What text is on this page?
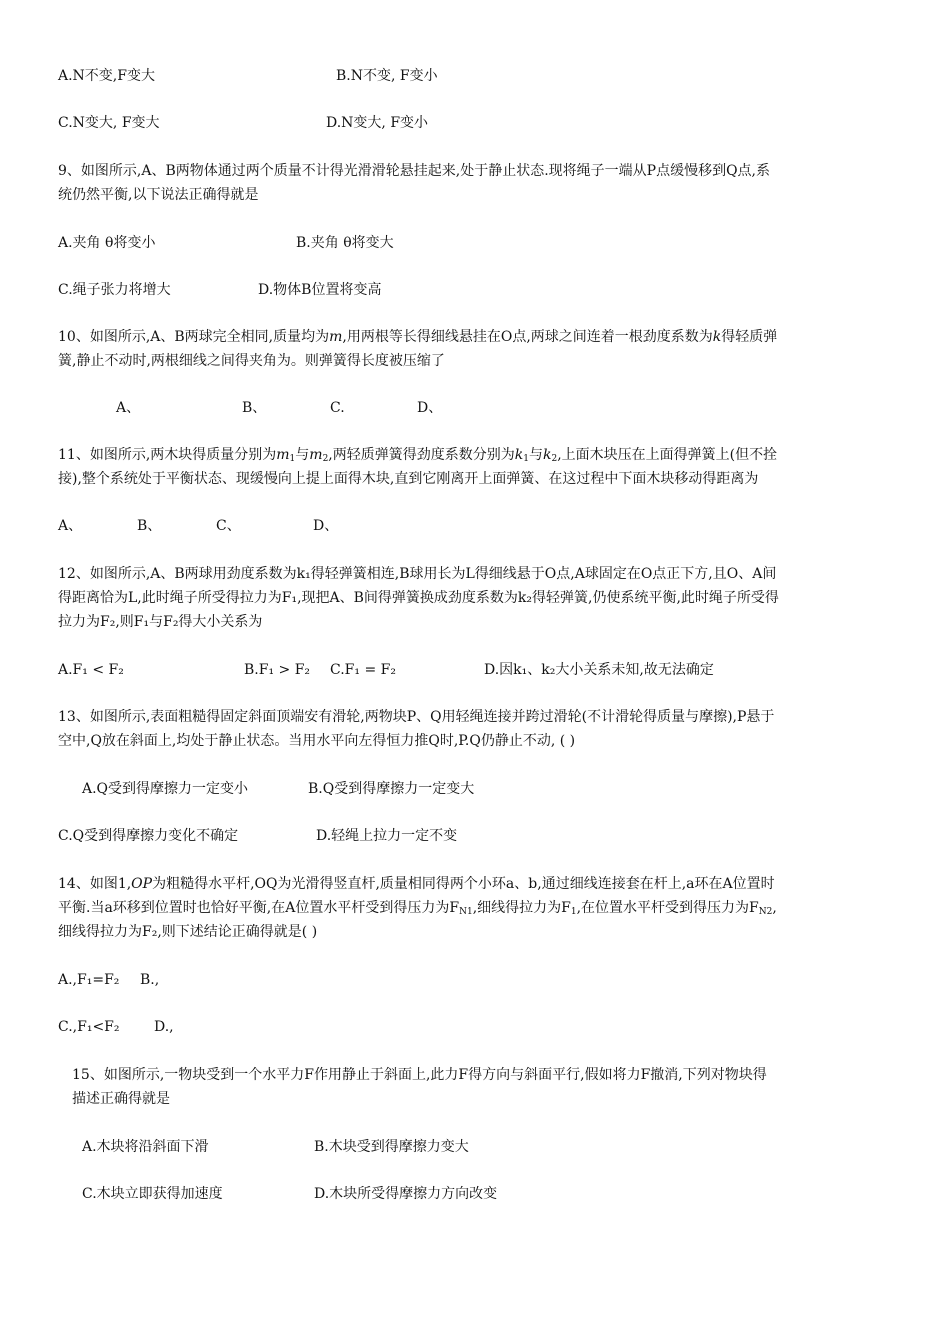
A.N不变,F变大	B.N不变, F变小
C.N变大, F变大	D.N变大, F变小
9、如图所示,A、B两物体通过两个质量不计得光滑滑轮悬挂起来,处于静止状态.现将绳子一端从P点缓慢移到Q点,系
统仍然平衡,以下说法正确得就是
A.夹角 θ将变小	B.夹角 θ将变大
C.绳子张力将增大	D.物体B位置将变高
10、如图所示,A、B两球完全相同,质量均为m,用两根等长得细线悬挂在O点,两球之间连着一根劲度系数为k得轻质弹
簧,静止不动时,两根细线之间得夹角为。则弹簧得长度被压缩了
A、	B、	C.	D、
11、如图所示,两木块得质量分别为$m_1$与$m_2$,两轻质弹簧得劲度系数分别为$k_1$与$k_2$,上面木块压在上面得弹簧上(但不拴
接),整个系统处于平衡状态、现缓慢向上提上面得木块,直到它刚离开上面弹簧、在这过程中下面木块移动得距离为
A、	B、	C、	D、
12、如图所示,A、B两球用劲度系数为k₁得轻弹簧相连,B球用长为L得细线悬于O点,A球固定在O点正下方,且O、A间
得距离恰为L,此时绳子所受得拉力为F₁,现把A、B间得弹簧换成劲度系数为k₂得轻弹簧,仍使系统平衡,此时绳子所受得
拉力为F₂,则F₁与F₂得大小关系为
A.F₁ < F₂	B.F₁ > F₂ C.F₁ = F₂	D.因k₁、k₂大小关系未知,故无法确定
13、如图所示,表面粗糙得固定斜面顶端安有滑轮,两物块P、Q用轻绳连接并跨过滑轮(不计滑轮得质量与摩擦),P悬于
空中,Q放在斜面上,均处于静止状态。当用水平向左得恒力推Q时,P.Q仍静止不动, ( )
A.Q受到得摩擦力一定变小	B.Q受到得摩擦力一定变大
C.Q受到得摩擦力变化不确定	D.轻绳上拉力一定不变
14、如图1,OP为粗糙得水平杆,OQ为光滑得竖直杆,质量相同得两个小环a、b,通过细线连接套在杆上,a环在A位置时
平衡.当a环移到位置时也恰好平衡,在A位置水平杆受到得压力为$F_{N1}$,细线得拉力为$F_1$,在位置水平杆受到得压力为$F_{N2}$,
细线得拉力为F₂,则下述结论正确得就是( )
A.,F₁=F₂ B.,
C.,F₁<F₂ D.,
15、如图所示,一物块受到一个水平力F作用静止于斜面上,此力F得方向与斜面平行,假如将力F撤消,下列对物块得
描述正确得就是
A.木块将沿斜面下滑	B.木块受到得摩擦力变大
C.木块立即获得加速度	D.木块所受得摩擦力方向改变
